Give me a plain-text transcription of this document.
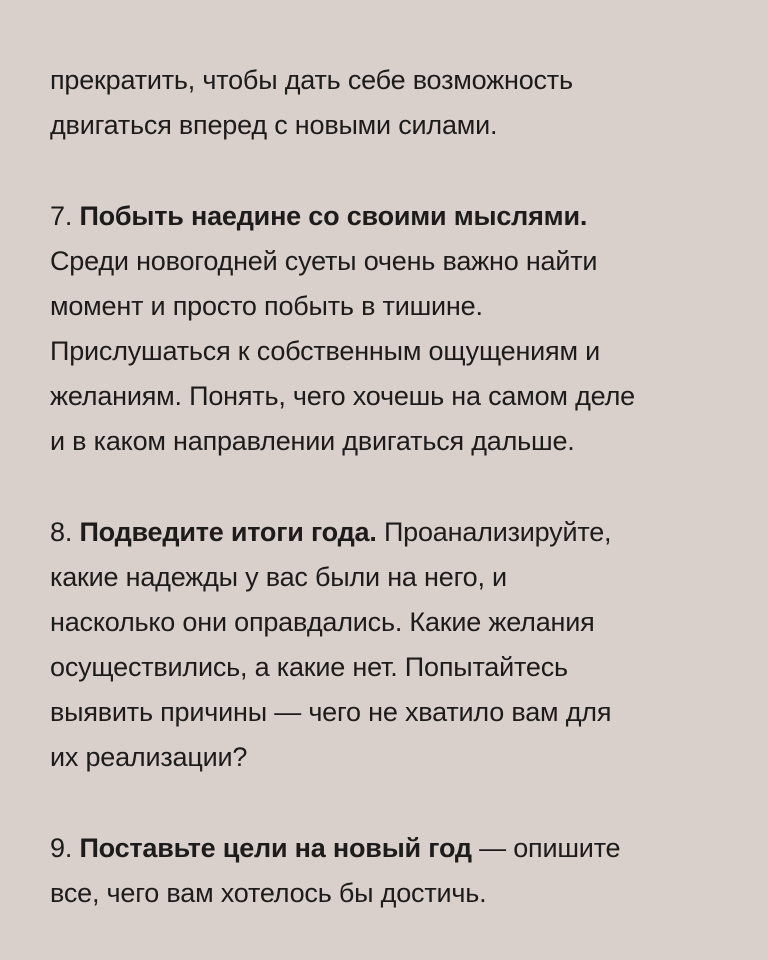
прекратить, чтобы дать себе возможность
двигаться вперед с новыми силами.
7. Побыть наедине со своими мыслями.
Среди новогодней суеты очень важно найти
момент и просто побыть в тишине.
Прислушаться к собственным ощущениям и
желаниям. Понять, чего хочешь на самом деле
и в каком направлении двигаться дальше.
8. Подведите итоги года. Проанализируйте,
какие надежды у вас были на него, и
насколько они оправдались. Какие желания
осуществились, а какие нет. Попытайтесь
выявить причины — чего не хватило вам для
их реализации?
9. Поставьте цели на новый год — опишите
все, чего вам хотелось бы достичь.
